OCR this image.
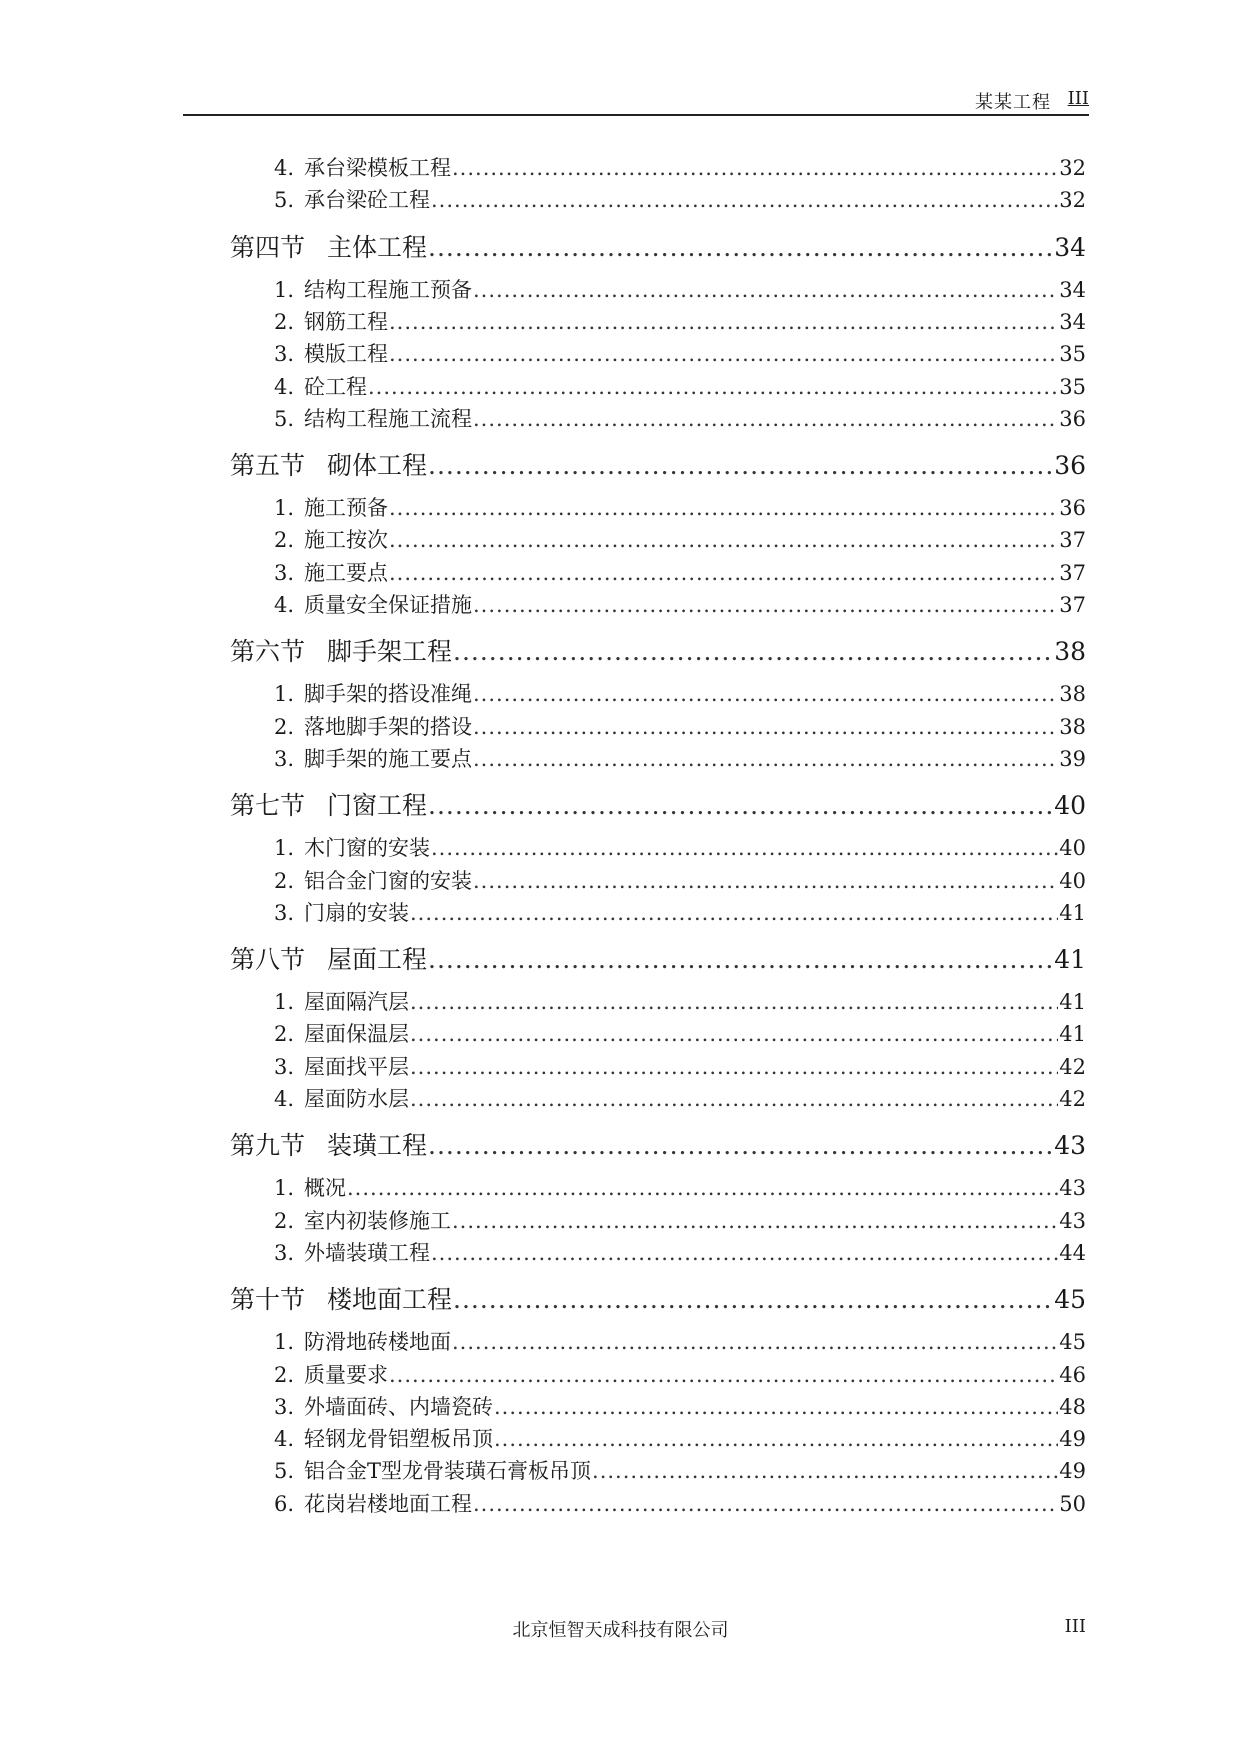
某某工程 III
4. 承台梁模板工程 .....	32
5. 承台梁砼工程 .....	32
第四节 主体工程 .....	34
1. 结构工程施工预备 .....	34
2. 钢筋工程 .....	34
3. 模版工程 .....	35
4. 砼工程 .....	35
5. 结构工程施工流程 .....	36
第五节 砌体工程 .....	36
1. 施工预备 .....	36
2. 施工按次 .....	37
3. 施工要点 .....	37
4. 质量安全保证措施 .....	37
第六节 脚手架工程 .....	38
1. 脚手架的搭设准绳 .....	38
2. 落地脚手架的搭设 .....	38
3. 脚手架的施工要点 .....	39
第七节 门窗工程 .....	40
1. 木门窗的安装 .....	40
2. 铝合金门窗的安装 .....	40
3. 门扇的安装 .....	41
第八节 屋面工程 .....	41
1. 屋面隔汽层 .....	41
2. 屋面保温层 .....	41
3. 屋面找平层 .....	42
4. 屋面防水层 .....	42
第九节 装璜工程 .....	43
1. 概况 .....	43
2. 室内初装修施工 .....	43
3. 外墙装璜工程 .....	44
第十节 楼地面工程 .....	45
1. 防滑地砖楼地面 .....	45
2. 质量要求 .....	46
3. 外墙面砖、内墙瓷砖 .....	48
4. 轻钢龙骨铝塑板吊顶 .....	49
5. 铝合金T型龙骨装璜石膏板吊顶 .....	49
6. 花岗岩楼地面工程 .....	50
北京恒智天成科技有限公司	III
